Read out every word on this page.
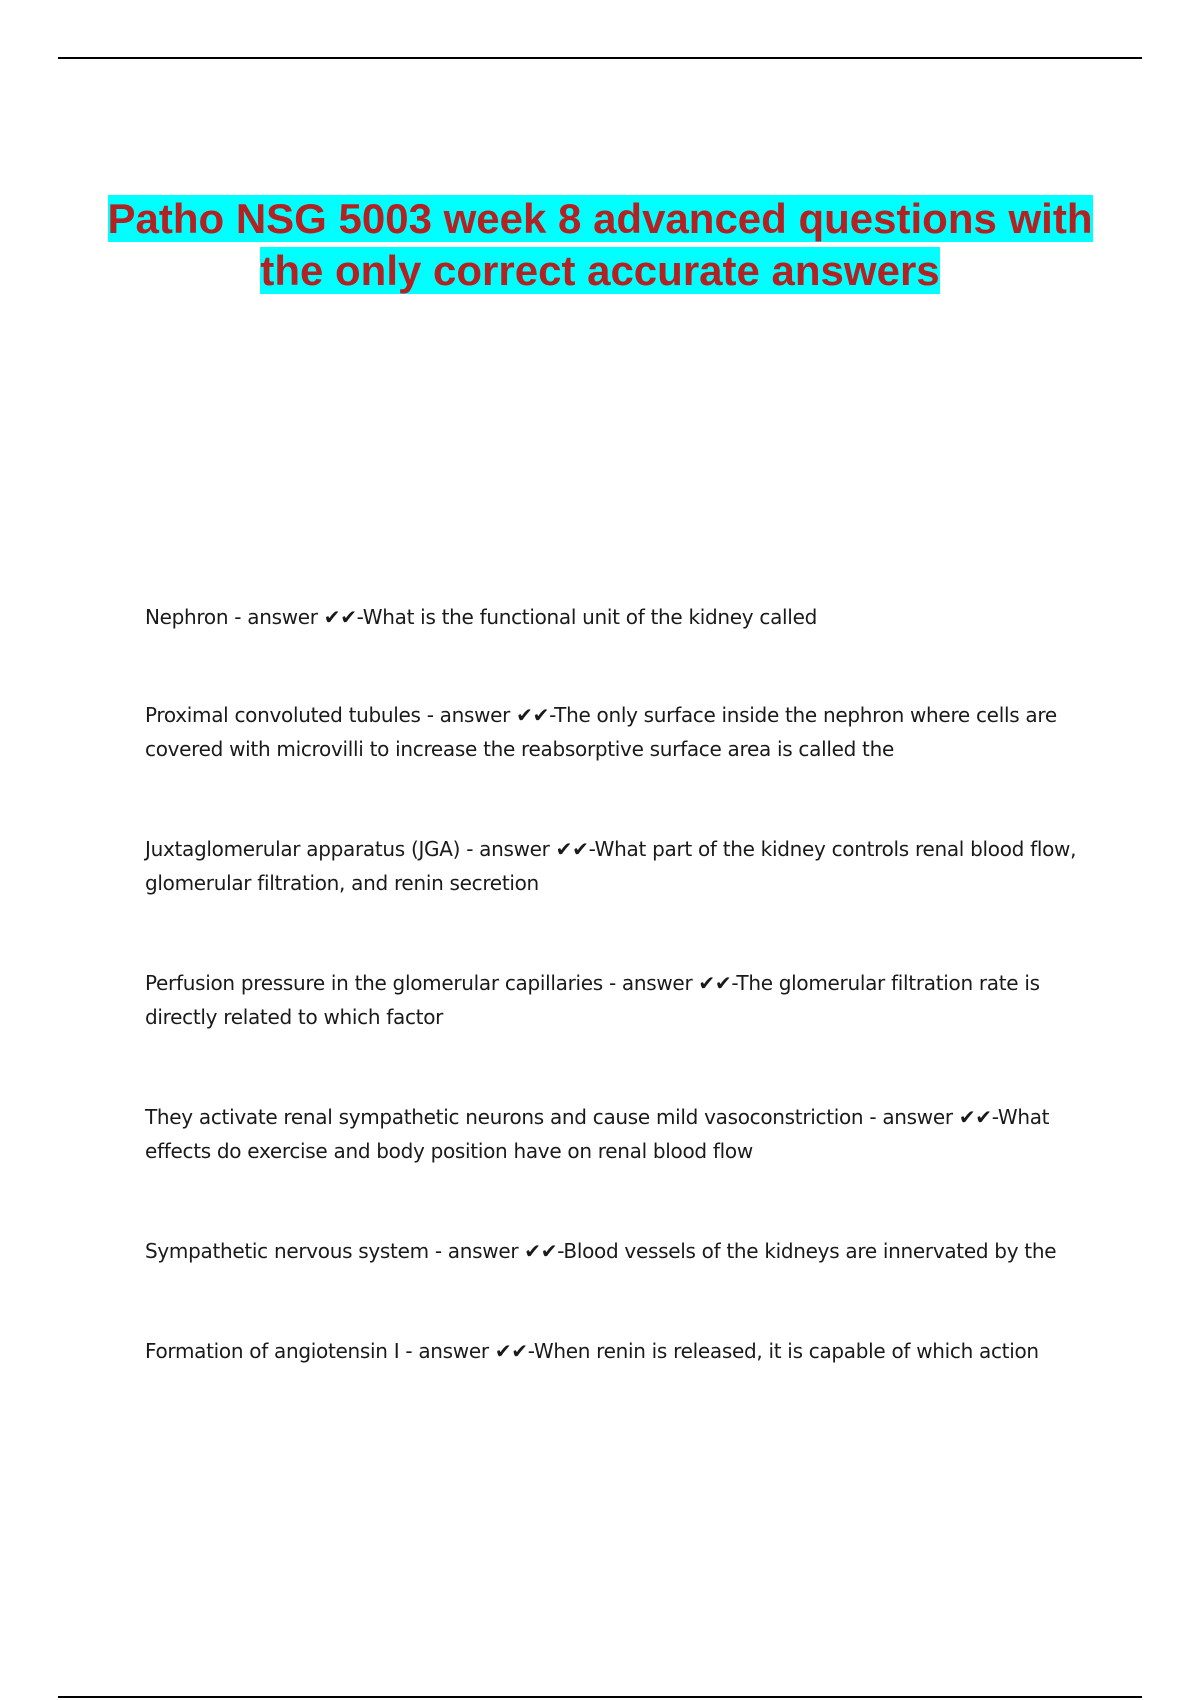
Patho NSG 5003 week 8 advanced questions with the only correct accurate answers
Nephron - answer ✔✔-What is the functional unit of the kidney called
Proximal convoluted tubules - answer ✔✔-The only surface inside the nephron where cells are covered with microvilli to increase the reabsorptive surface area is called the
Juxtaglomerular apparatus (JGA) - answer ✔✔-What part of the kidney controls renal blood flow, glomerular filtration, and renin secretion
Perfusion pressure in the glomerular capillaries - answer ✔✔-The glomerular filtration rate is directly related to which factor
They activate renal sympathetic neurons and cause mild vasoconstriction - answer ✔✔-What effects do exercise and body position have on renal blood flow
Sympathetic nervous system - answer ✔✔-Blood vessels of the kidneys are innervated by the
Formation of angiotensin I - answer ✔✔-When renin is released, it is capable of which action
